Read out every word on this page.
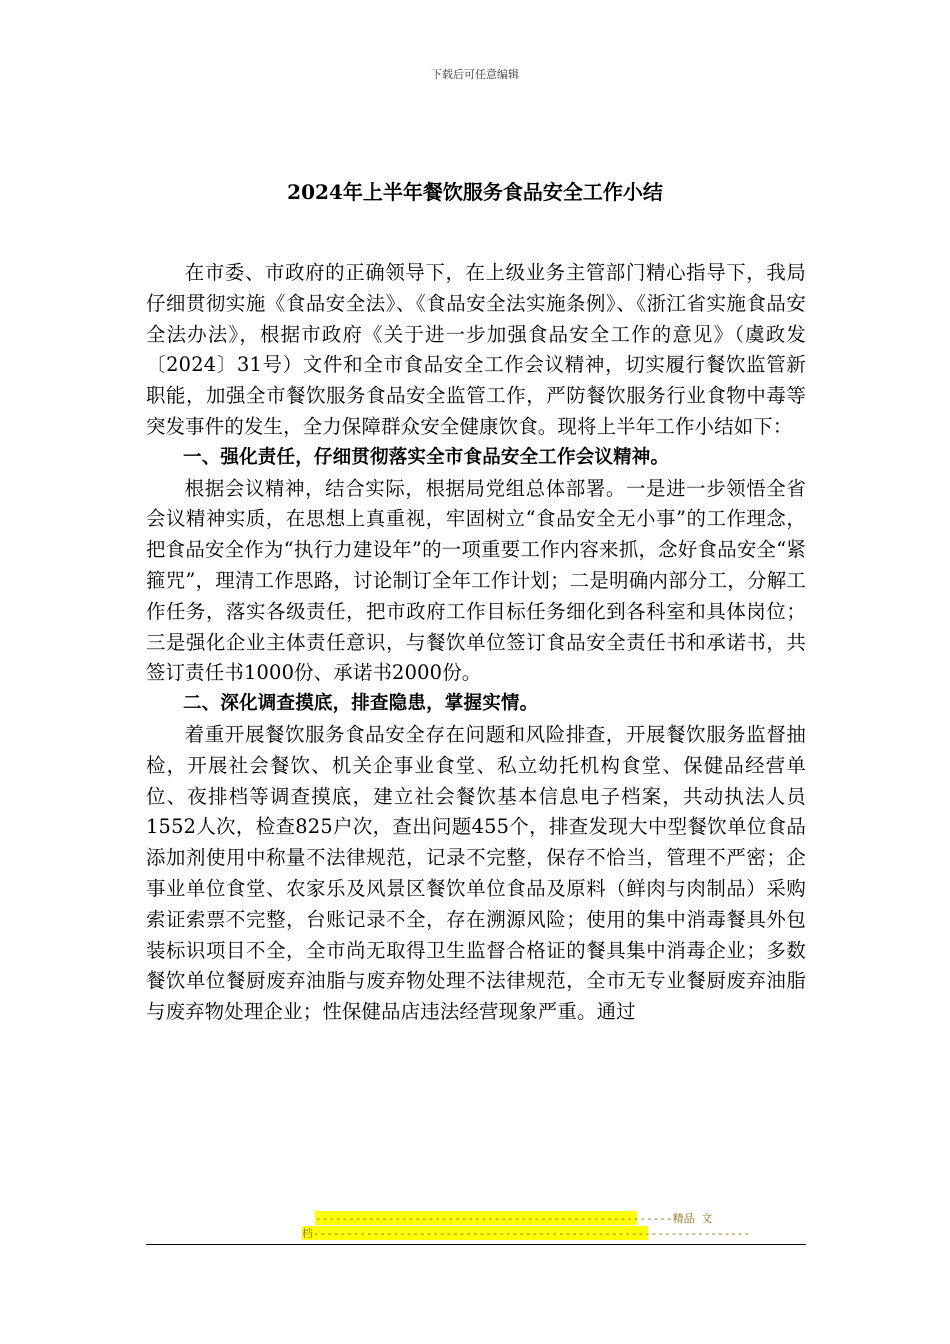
下载后可任意编辑
2024年上半年餐饮服务食品安全工作小结

在市委、市政府的正确领导下，在上级业务主管部门精心指导下，我局仔细贯彻实施《食品安全法》、《食品安全法实施条例》、《浙江省实施食品安全法办法》，根据市政府《关于进一步加强食品安全工作的意见》（虞政发〔2024〕31号）文件和全市食品安全工作会议精神，切实履行餐饮监管新职能，加强全市餐饮服务食品安全监管工作，严防餐饮服务行业食物中毒等突发事件的发生，全力保障群众安全健康饮食。现将上半年工作小结如下：

一、强化责任，仔细贯彻落实全市食品安全工作会议精神。

根据会议精神，结合实际，根据局党组总体部署。一是进一步领悟全省会议精神实质，在思想上真重视，牢固树立“食品安全无小事”的工作理念，把食品安全作为“执行力建设年”的一项重要工作内容来抓，念好食品安全“紧箍咒”，理清工作思路，讨论制订全年工作计划；二是明确内部分工，分解工作任务，落实各级责任，把市政府工作目标任务细化到各科室和具体岗位；三是强化企业主体责任意识，与餐饮单位签订食品安全责任书和承诺书，共签订责任书1000份、承诺书2000份。

二、深化调查摸底，排查隐患，掌握实情。

着重开展餐饮服务食品安全存在问题和风险排查，开展餐饮服务监督抽检，开展社会餐饮、机关企事业食堂、私立幼托机构食堂、保健品经营单位、夜排档等调查摸底，建立社会餐饮基本信息电子档案，共动执法人员1552人次，检查825户次，查出问题455个，排查发现大中型餐饮单位食品添加剂使用中称量不法律规范，记录不完整，保存不恰当，管理不严密；企事业单位食堂、农家乐及风景区餐饮单位食品及原料（鲜肉与肉制品）采购索证索票不完整，台账记录不全，存在溯源风险；使用的集中消毒餐具外包装标识项目不全，全市尚无取得卫生监督合格证的餐具集中消毒企业；多数餐饮单位餐厨废弃油脂与废弃物处理不法律规范，全市无专业餐厨废弃油脂与废弃物处理企业；性保健品店违法经营现象严重。通过

------------------------------------------------------精品 文
档------------------------------------------------------------------
